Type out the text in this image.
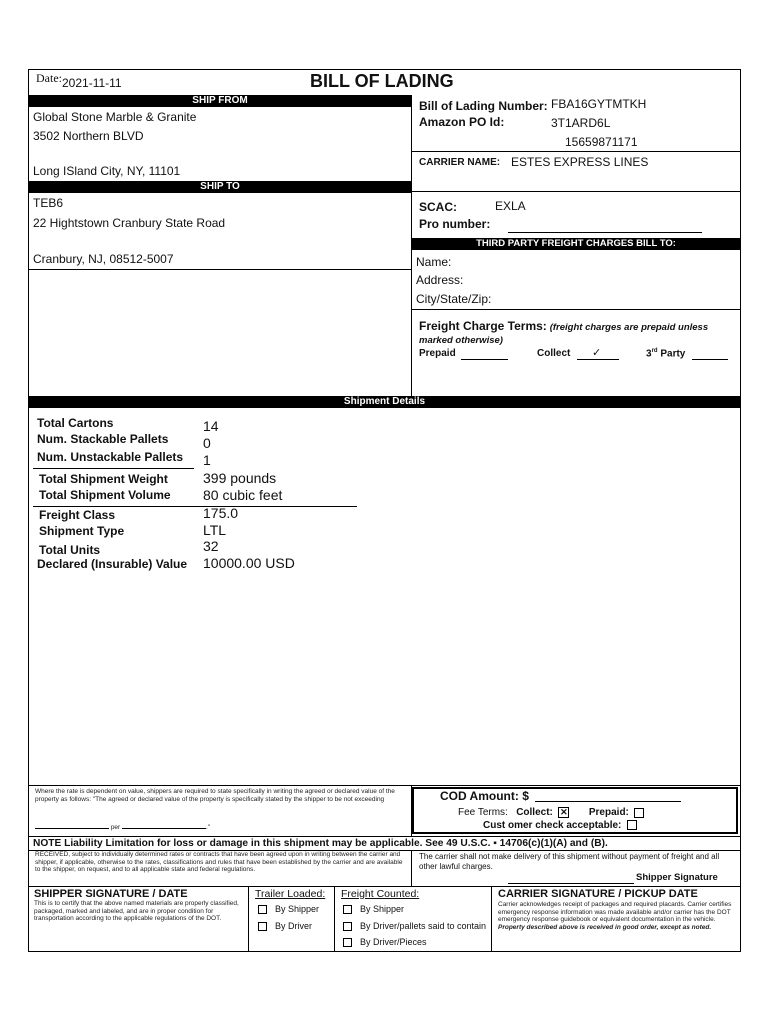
Date: 2021-11-11	BILL OF LADING
SHIP FROM
Global Stone Marble & Granite
3502 Northern BLVD
Long ISland City, NY, 11101
SHIP TO
TEB6
22 Hightstown Cranbury State Road
Cranbury, NJ, 08512-5007
Bill of Lading Number: FBA16GYTMTKH
Amazon PO Id:	3T1ARD6L
15659871171
CARRIER NAME: ESTES EXPRESS LINES
SCAC:	EXLA
Pro number:
THIRD PARTY FREIGHT CHARGES BILL TO:
Name:
Address:
City/State/Zip:
Freight Charge Terms: (freight charges are prepaid unless marked otherwise)
Prepaid	Collect ✓	3rd Party
Shipment Details
Total Cartons	14
Num. Stackable Pallets 0
Num. Unstackable Pallets 1
Total Shipment Weight	399 pounds
Total Shipment Volume 80 cubic feet
Freight Class	175.0
Shipment Type	LTL
Total Units	32
Declared (Insurable) Value 10000.00 USD
Where the rate is dependent on value, shippers are required to state specifically in writing the agreed or declared value of the property as follows: "The agreed or declared value of the property is specifically stated by the shipper to be not exceeding
per	."
COD Amount: $
Fee Terms: Collect: ✕ Prepaid:
Cust omer check acceptable:
NOTE Liability Limitation for loss or damage in this shipment may be applicable. See 49 U.S.C. ▪ 14706(c)(1)(A) and (B).
RECEIVED, subject to individually determined rates or contracts that have been agreed upon in writing between the carrier and shipper, if applicable, otherwise to the rates, classifications and rules that have been established by the carrier and are available to the shipper, on request, and to all applicable state and federal regulations.
The carrier shall not make delivery of this shipment without payment of freight and all other lawful charges.
Shipper Signature
SHIPPER SIGNATURE / DATE
This is to certify that the above named materials are properly classified, packaged, marked and labeled, and are in proper condition for transportation according to the applicable regulations of the DOT.
Trailer Loaded:
By Shipper
By Driver
Freight Counted:
By Shipper
By Driver/pallets said to contain
By Driver/Pieces
CARRIER SIGNATURE / PICKUP DATE
Carrier acknowledges receipt of packages and required placards. Carrier certifies emergency response information was made available and/or carrier has the DOT emergency response guidebook or equivalent documentation in the vehicle.
Property described above is received in good order, except as noted.
